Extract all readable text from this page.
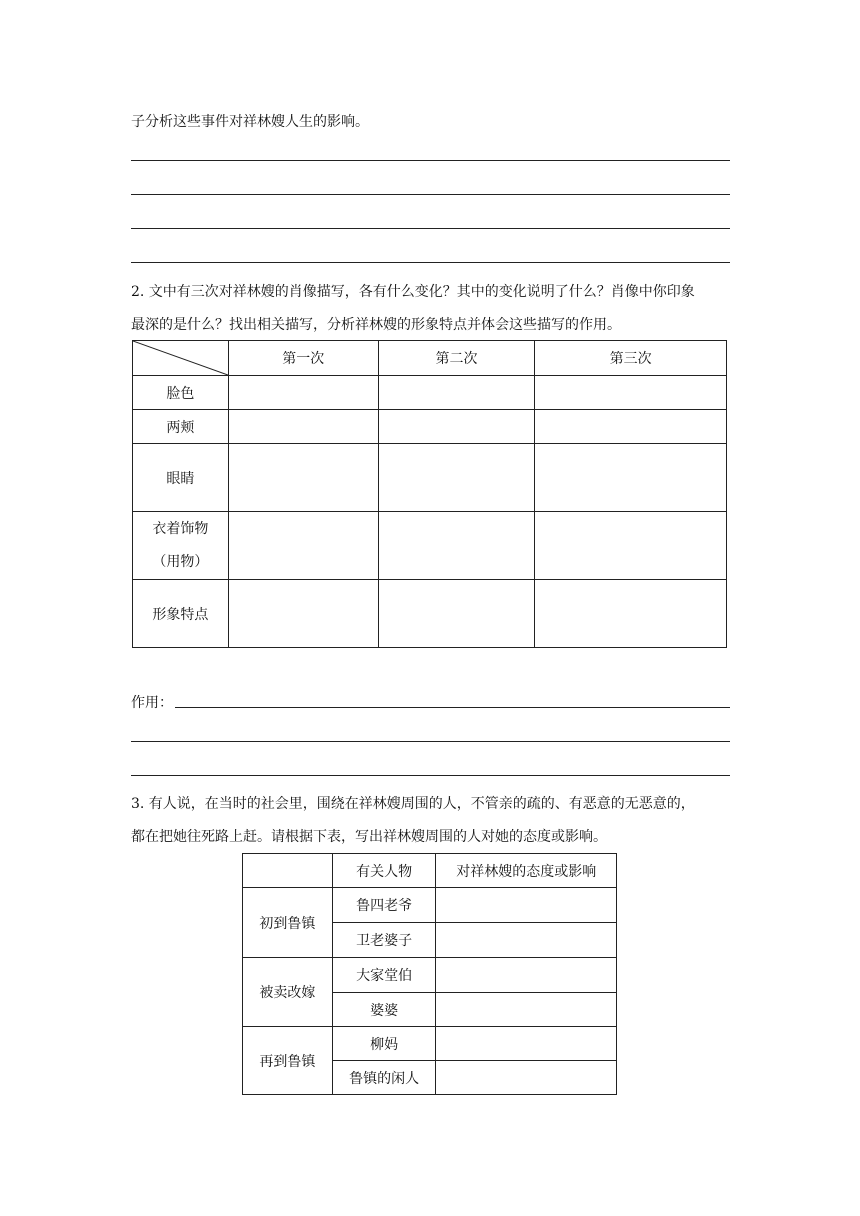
子分析这些事件对祥林嫂人生的影响。
2. 文中有三次对祥林嫂的肖像描写，各有什么变化？其中的变化说明了什么？肖像中你印象
最深的是什么？找出相关描写，分析祥林嫂的形象特点并体会这些描写的作用。
	第一次	第二次	第三次
脸色			
两颊			
眼睛			

衣着饰物
（用物）			

形象特点			
作用：
3. 有人说，在当时的社会里，围绕在祥林嫂周围的人，不管亲的疏的、有恶意的无恶意的，
都在把她往死路上赶。请根据下表，写出祥林嫂周围的人对她的态度或影响。
	有关人物	对祥林嫂的态度或影响
初到鲁镇	鲁四老爷	
	卫老婆子	
被卖改嫁	大家堂伯	
	婆婆	
再到鲁镇	柳妈	
	鲁镇的闲人	
